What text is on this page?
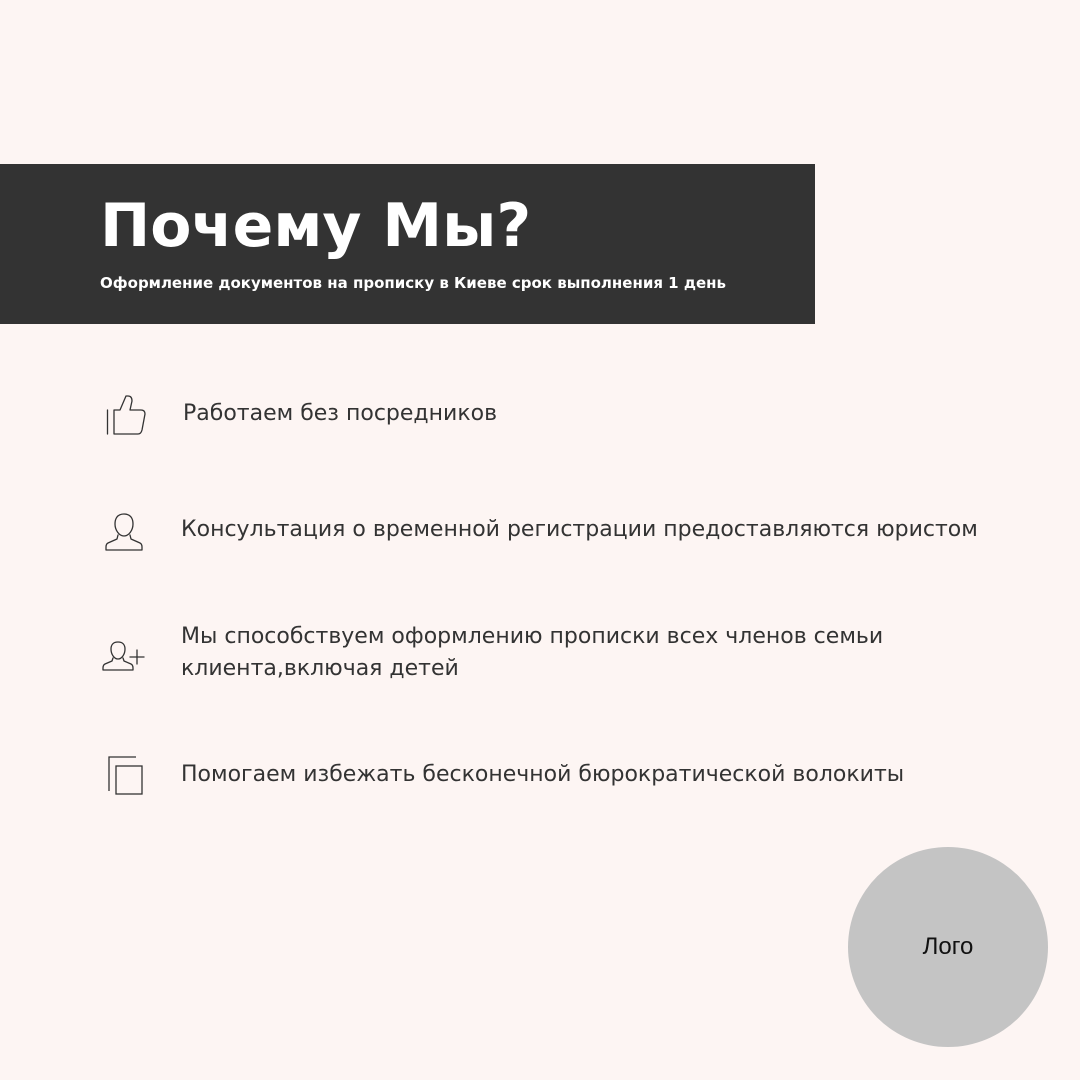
Почему Мы?

Оформление документов на прописку в Киеве срок выполнения 1 день

Работаем без посредников
Консультация о временной регистрации предоставляются юристом
Мы способствуем оформлению прописки всех членов семьи
клиента,включая детей
Помогаем избежать бесконечной бюрократической волокиты
Лого
